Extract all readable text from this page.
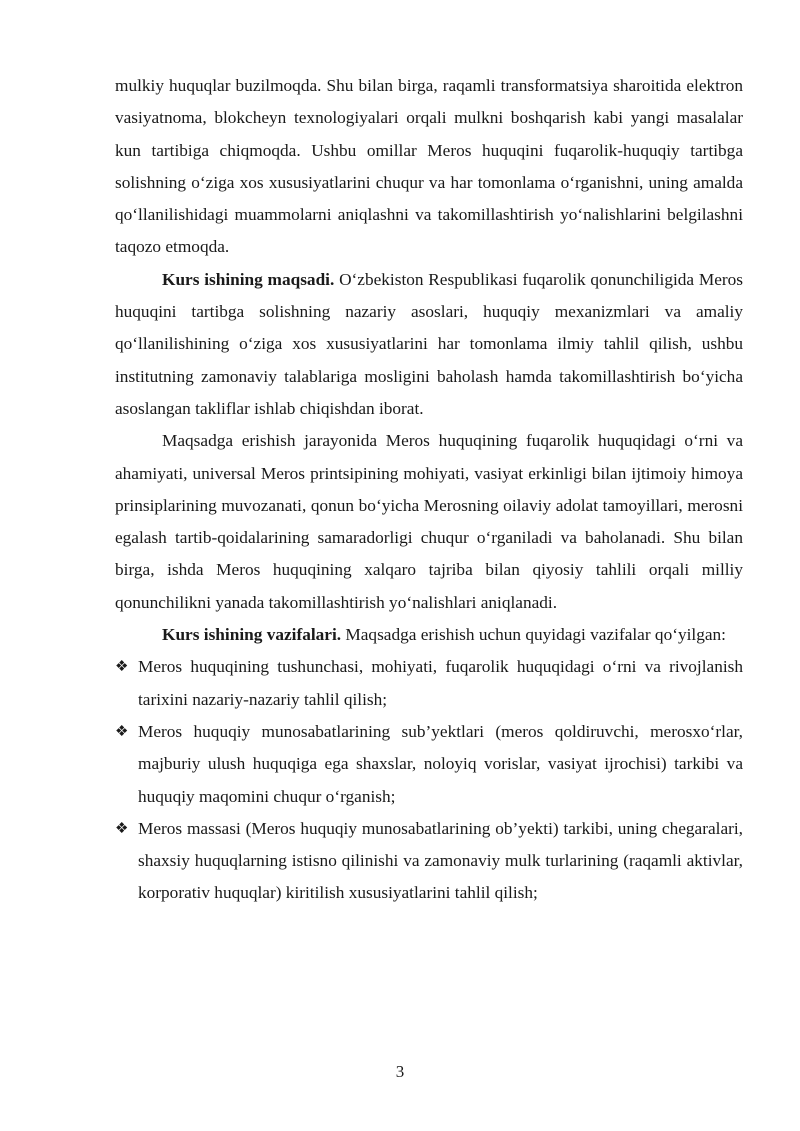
mulkiy huquqlar buzilmoqda. Shu bilan birga, raqamli transformatsiya sharoitida elektron vasiyatnoma, blokcheyn texnologiyalari orqali mulkni boshqarish kabi yangi masalalar kun tartibiga chiqmoqda. Ushbu omillar Meros huquqini fuqarolik-huquqiy tartibga solishning o‘ziga xos xususiyatlarini chuqur va har tomonlama o‘rganishni, uning amalda qo‘llanilishidagi muammolarni aniqlashni va takomillashtirish yo‘nalishlarini belgilashni taqozo etmoqda.

Kurs ishining maqsadi. O‘zbekiston Respublikasi fuqarolik qonunchiligida Meros huquqini tartibga solishning nazariy asoslari, huquqiy mexanizmlari va amaliy qo‘llanilishining o‘ziga xos xususiyatlarini har tomonlama ilmiy tahlil qilish, ushbu institutning zamonaviy talablariga mosligini baholash hamda takomillashtirish bo‘yicha asoslangan takliflar ishlab chiqishdan iborat.

Maqsadga erishish jarayonida Meros huquqining fuqarolik huquqidagi o‘rni va ahamiyati, universal Meros printsipining mohiyati, vasiyat erkinligi bilan ijtimoiy himoya prinsiplarining muvozanati, qonun bo‘yicha Merosning oilaviy adolat tamoyillari, merosni egalash tartib-qoidalarining samaradorligi chuqur o‘rganiladi va baholanadi. Shu bilan birga, ishda Meros huquqining xalqaro tajriba bilan qiyosiy tahlili orqali milliy qonunchilikni yanada takomillashtirish yo‘nalishlari aniqlanadi.

Kurs ishining vazifalari. Maqsadga erishish uchun quyidagi vazifalar qo‘yilgan:

❖ Meros huquqining tushunchasi, mohiyati, fuqarolik huquqidagi o‘rni va rivojlanish tarixini nazariy-nazariy tahlil qilish;
❖ Meros huquqiy munosabatlarining sub’yektlari (meros qoldiruvchi, merosxo‘rlar, majburiy ulush huquqiga ega shaxslar, noloyiq vorislar, vasiyat ijrochisi) tarkibi va huquqiy maqomini chuqur o‘rganish;
❖ Meros massasi (Meros huquqiy munosabatlarining ob’yekti) tarkibi, uning chegaralari, shaxsiy huquqlarning istisno qilinishi va zamonaviy mulk turlarining (raqamli aktivlar, korporativ huquqlar) kiritilish xususiyatlarini tahlil qilish;
3
